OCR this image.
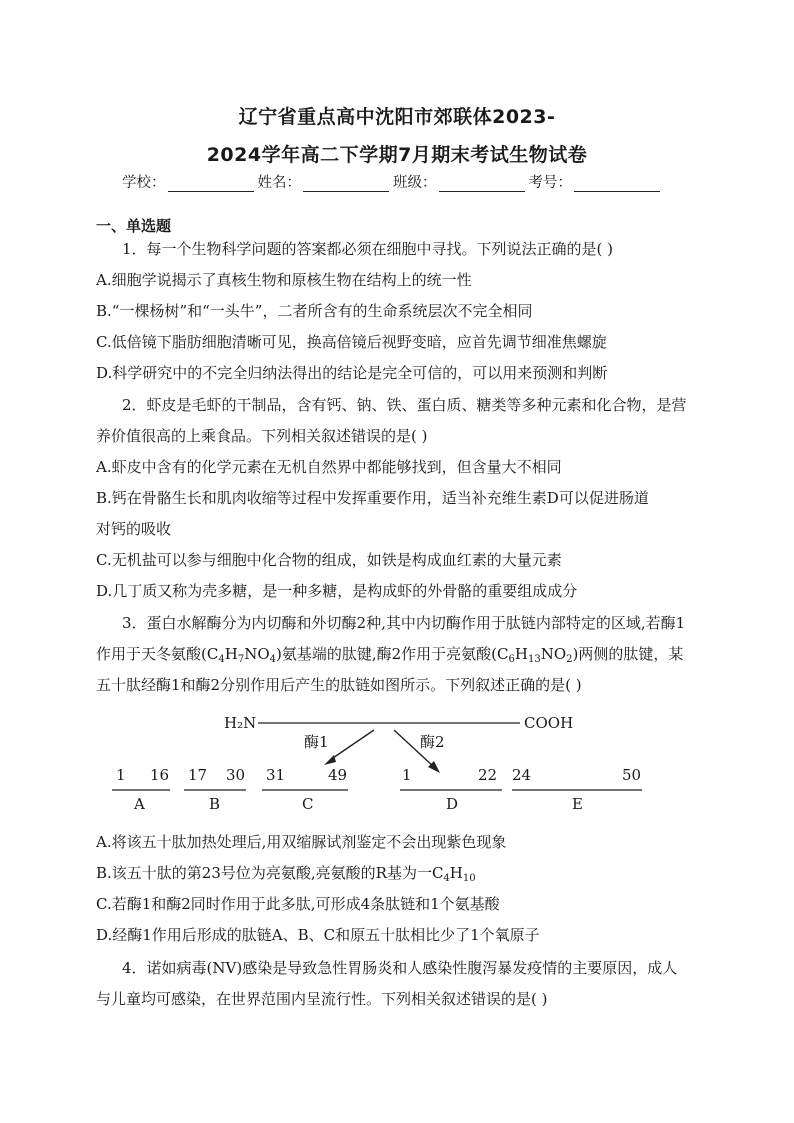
辽宁省重点高中沈阳市郊联体2023-
2024学年高二下学期7月期末考试生物试卷
学校：	姓名：	班级：	考号：
一、单选题
1．每一个生物科学问题的答案都必须在细胞中寻找。下列说法正确的是( )
A.细胞学说揭示了真核生物和原核生物在结构上的统一性
B.“一棵杨树”和“一头牛”，二者所含有的生命系统层次不完全相同
C.低倍镜下脂肪细胞清晰可见，换高倍镜后视野变暗，应首先调节细准焦螺旋
D.科学研究中的不完全归纳法得出的结论是完全可信的，可以用来预测和判断
2．虾皮是毛虾的干制品，含有钙、钠、铁、蛋白质、糖类等多种元素和化合物，是营
养价值很高的上乘食品。下列相关叙述错误的是( )
A.虾皮中含有的化学元素在无机自然界中都能够找到，但含量大不相同
B.钙在骨骼生长和肌肉收缩等过程中发挥重要作用，适当补充维生素D可以促进肠道
对钙的吸收
C.无机盐可以参与细胞中化合物的组成，如铁是构成血红素的大量元素
D.几丁质又称为壳多糖，是一种多糖，是构成虾的外骨骼的重要组成成分
3．蛋白水解酶分为内切酶和外切酶2种,其中内切酶作用于肽链内部特定的区域,若酶1
作用于天冬氨酸$(C_4H_7NO_4)$氨基端的肽键,酶2作用于亮氨酸$(C_6H_{13}NO_2)$两侧的肽键，某
五十肽经酶1和酶2分别作用后产生的肽链如图所示。下列叙述正确的是( )
H₂N	COOH
酶1	酶2
1 16
A
17 30
B
31	49
C
1	22
D
24	50
E
A.将该五十肽加热处理后,用双缩脲试剂鉴定不会出现紫色现象
B.该五十肽的第23号位为亮氨酸,亮氨酸的R基为一$C_4H_{10}$
C.若酶1和酶2同时作用于此多肽,可形成4条肽链和1个氨基酸
D.经酶1作用后形成的肽链A、B、C和原五十肽相比少了1个氧原子
4．诺如病毒(NV)感染是导致急性胃肠炎和人感染性腹泻暴发疫情的主要原因，成人
与儿童均可感染，在世界范围内呈流行性。下列相关叙述错误的是( )
